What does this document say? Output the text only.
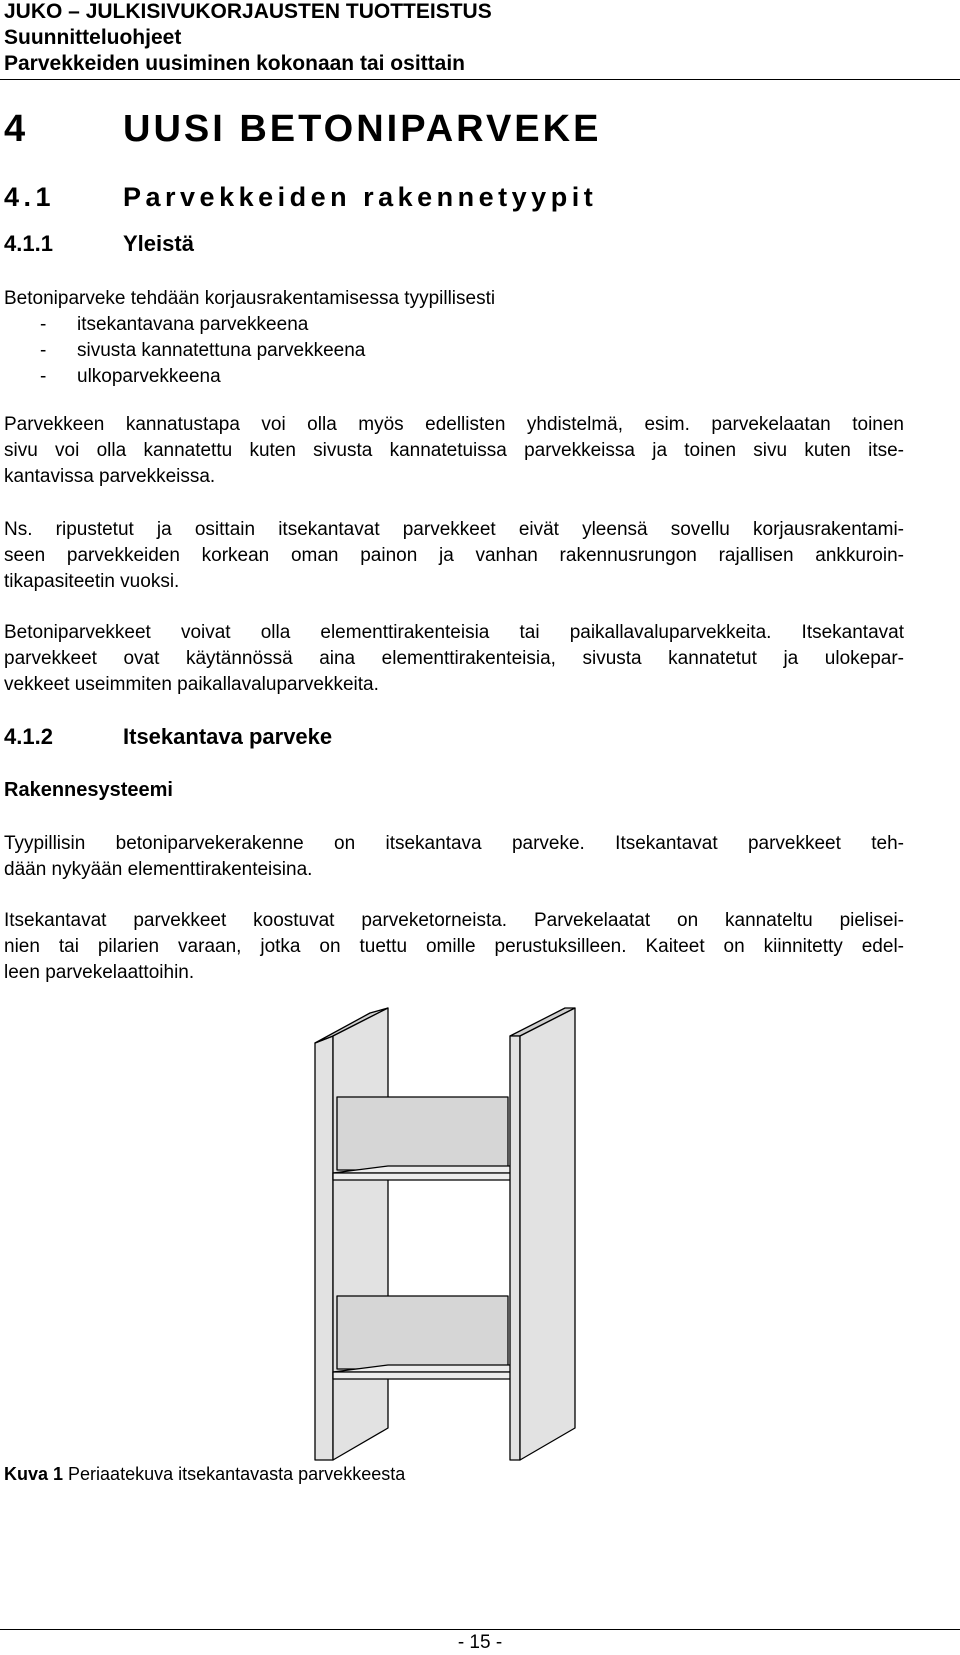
JUKO – JULKISIVUKORJAUSTEN TUOTTEISTUS
Suunnitteluohjeet
Parvekkeiden uusiminen kokonaan tai osittain
4 UUSI BETONIPARVEKE
4.1	Parvekkeiden rakennetyypit
4.1.1	Yleistä
Betoniparveke tehdään korjausrakentamisessa tyypillisesti
- itsekantavana parvekkeena
- sivusta kannatettuna parvekkeena
- ulkoparvekkeena
Parvekkeen kannatustapa voi olla myös edellisten yhdistelmä, esim. parvekelaatan toinen
sivu voi olla kannatettu kuten sivusta kannatetuissa parvekkeissa ja toinen sivu kuten itse-
kantavissa parvekkeissa.
Ns. ripustetut ja osittain itsekantavat parvekkeet eivät yleensä sovellu korjausrakentami-
seen parvekkeiden korkean oman painon ja vanhan rakennusrungon rajallisen ankkuroin-
tikapasiteetin vuoksi.
Betoniparvekkeet voivat olla elementtirakenteisia tai paikallavaluparvekkeita. Itsekantavat
parvekkeet ovat käytännössä aina elementtirakenteisia, sivusta kannatetut ja ulokepar-
vekkeet useimmiten paikallavaluparvekkeita.
4.1.2	Itsekantava parveke
Rakennesysteemi
Tyypillisin betoniparvekerakenne on itsekantava parveke. Itsekantavat parvekkeet teh-
dään nykyään elementtirakenteisina.
Itsekantavat parvekkeet koostuvat parveketorneista. Parvekelaatat on kannateltu pielisei-
nien tai pilarien varaan, jotka on tuettu omille perustuksilleen. Kaiteet on kiinnitetty edel-
leen parvekelaattoihin.
Kuva 1 Periaatekuva itsekantavasta parvekkeesta
- 15 -
